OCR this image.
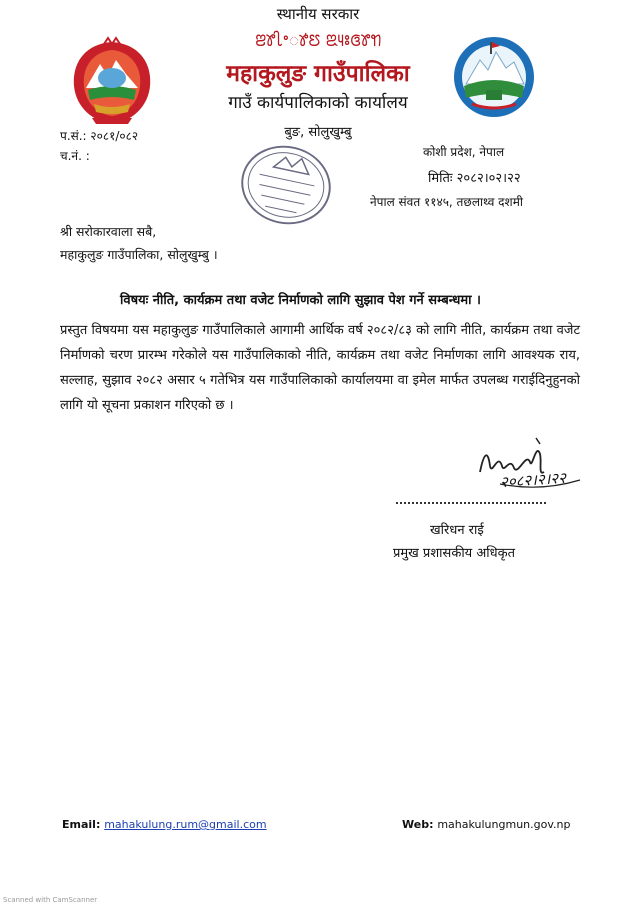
स्थानीय सरकार
ꢂꢸꢷꢀꢹꢄ ꢃꢴꢁꢏꢸꢒ
महाकुलुङ गाउँपालिका
गाउँ कार्यपालिकाको कार्यालय
बुङ, सोलुखुम्बु
प.सं.: २०८१/०८२
च.नं. :	कोशी प्रदेश, नेपाल
मितिः २०८२।०२।२२
नेपाल संवत ११४५, तछलाथ्व दशमी
श्री सरोकारवाला सबै,
महाकुलुङ गाउँपालिका, सोलुखुम्बु ।
विषयः नीति, कार्यक्रम तथा वजेट निर्माणको लागि सुझाव पेश गर्ने सम्बन्धमा ।
प्रस्तुत विषयमा यस महाकुलुङ गाउँपालिकाले आगामी आर्थिक वर्ष २०८२/८३ को लागि नीति, कार्यक्रम तथा वजेट निर्माणको चरण प्रारम्भ गरेकोले यस गाउँपालिकाको नीति, कार्यक्रम तथा वजेट निर्माणका लागि आवश्यक राय, सल्लाह, सुझाव २०८२ असार ५ गतेभित्र यस गाउँपालिकाको कार्यालयमा वा इमेल मार्फत उपलब्ध गराईदिनुहुनको लागि यो सूचना प्रकाशन गरिएको छ ।
२०८२।२।२२
खरिधन राई
प्रमुख प्रशासकीय अधिकृत
Email: mahakulung.rum@gmail.com	Web: mahakulungmun.gov.np
Scanned with CamScanner
